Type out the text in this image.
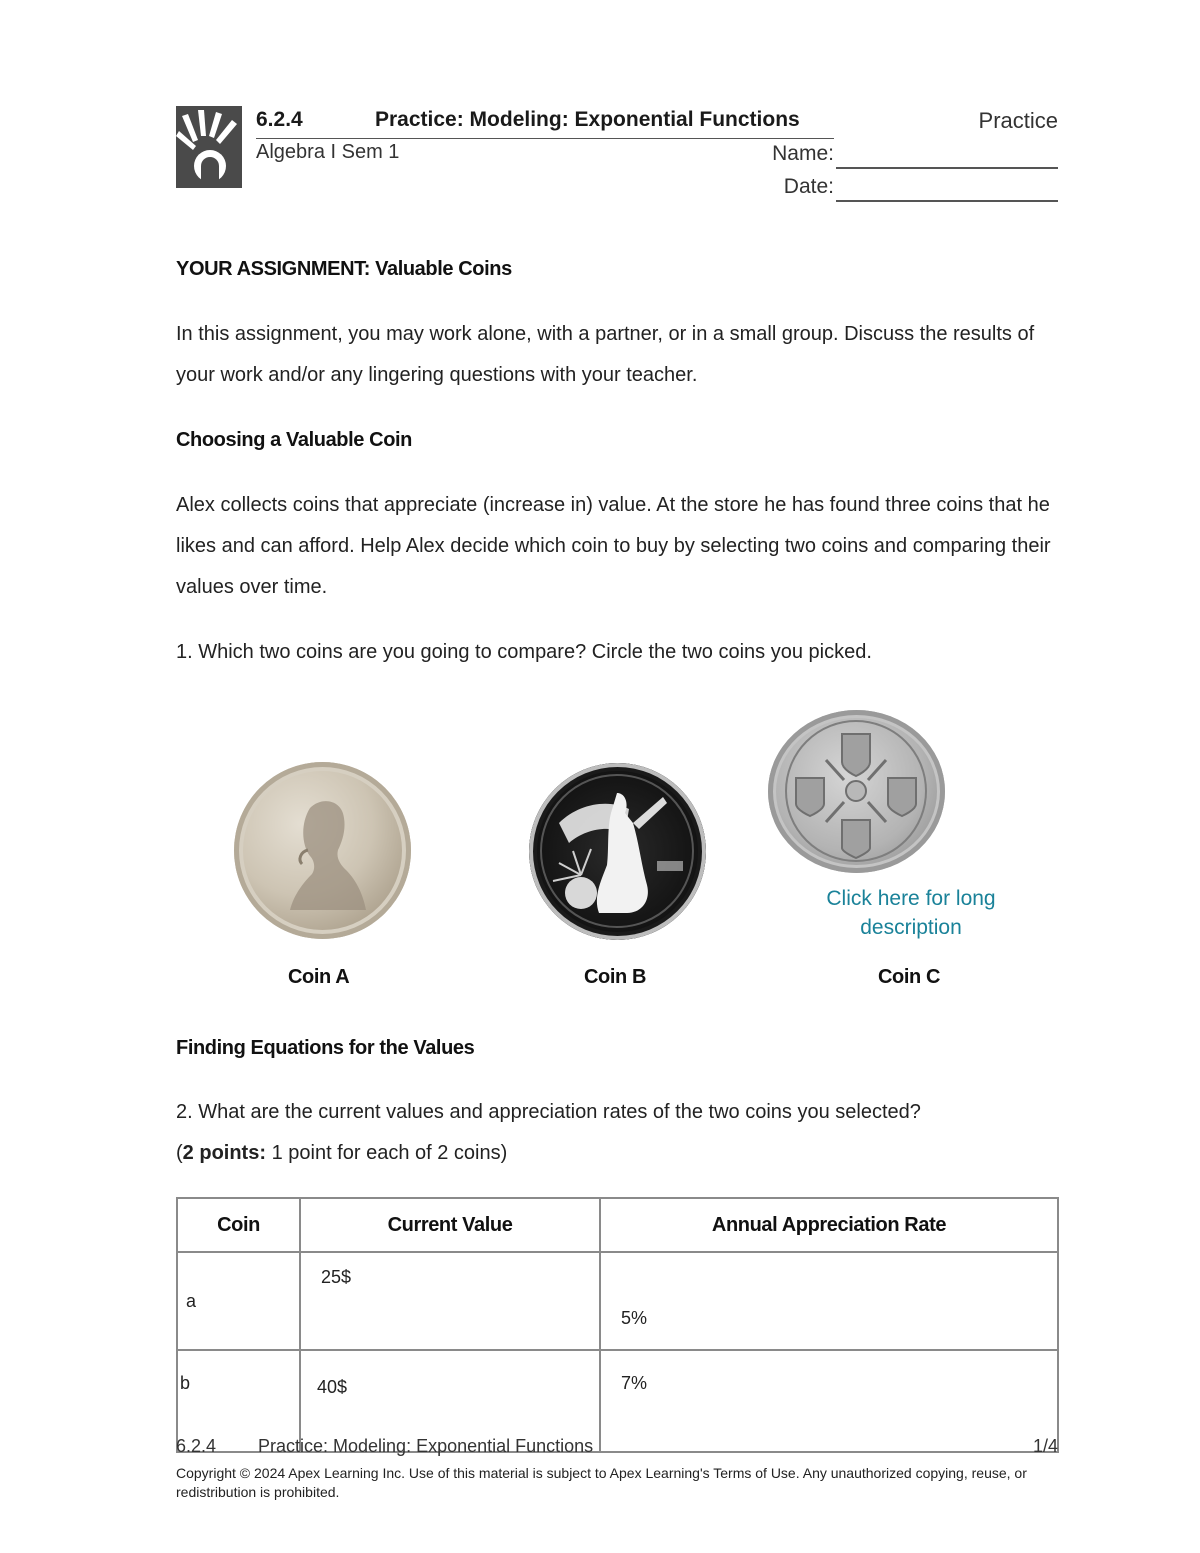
6.2.4	Practice: Modeling: Exponential Functions	Practice
Algebra I Sem 1	Name:
Date:
YOUR ASSIGNMENT: Valuable Coins
In this assignment, you may work alone, with a partner, or in a small group. Discuss the results of your work and/or any lingering questions with your teacher.
Choosing a Valuable Coin
Alex collects coins that appreciate (increase in) value. At the store he has found three coins that he likes and can afford. Help Alex decide which coin to buy by selecting two coins and comparing their values over time.
1. Which two coins are you going to compare? Circle the two coins you picked.
Click here for long description
Coin A	Coin B	Coin C
Finding Equations for the Values
2. What are the current values and appreciation rates of the two coins you selected?
(2 points: 1 point for each of 2 coins)
Coin	Current Value	Annual Appreciation Rate
a	25$	5%
b	40$	7%
6.2.4 Practice: Modeling: Exponential Functions	1/4
Copyright © 2024 Apex Learning Inc. Use of this material is subject to Apex Learning's Terms of Use. Any unauthorized copying, reuse, or redistribution is prohibited.
